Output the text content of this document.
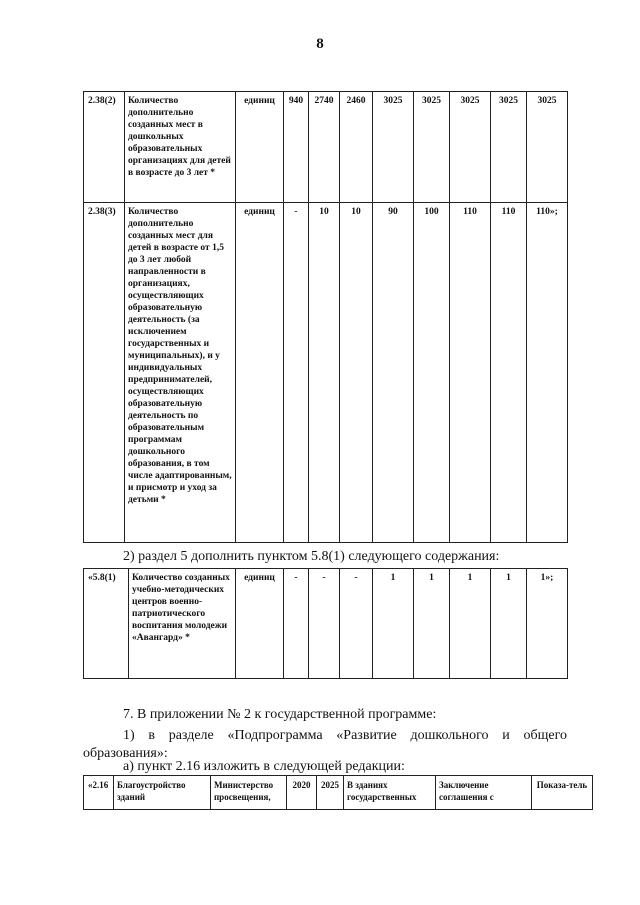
8
2.38(2)	Количество дополнительно созданных мест в дошкольных образовательных организациях для детей в возрасте до 3 лет *	единиц	940	2740	2460	3025	3025	3025	3025	3025
2.38(3)	Количество дополнительно созданных мест для детей в возрасте от 1,5 до 3 лет любой направленности в организациях, осуществляющих образовательную деятельность (за исключением государственных и муниципальных), и у индивидуальных предпринимателей, осуществляющих образовательную деятельность по образовательным программам дошкольного образования, в том числе адаптированным, и присмотр и уход за детьми *	единиц	-	10	10	90	100	110	110	110»;
2) раздел 5 дополнить пунктом 5.8(1) следующего содержания:
«5.8(1)	Количество созданных учебно-методических центров военно-патриотического воспитания молодежи «Авангард» *	единиц	-	-	-	1	1	1	1	1»;
7. В приложении № 2 к государственной программе:
1) в разделе «Подпрограмма «Развитие дошкольного и общего
образования»:
а) пункт 2.16 изложить в следующей редакции:
«2.16	Благоустройство зданий	Министерство просвещения,	2020	2025	В зданиях государственных	Заключение соглашения с	Показа-тель
